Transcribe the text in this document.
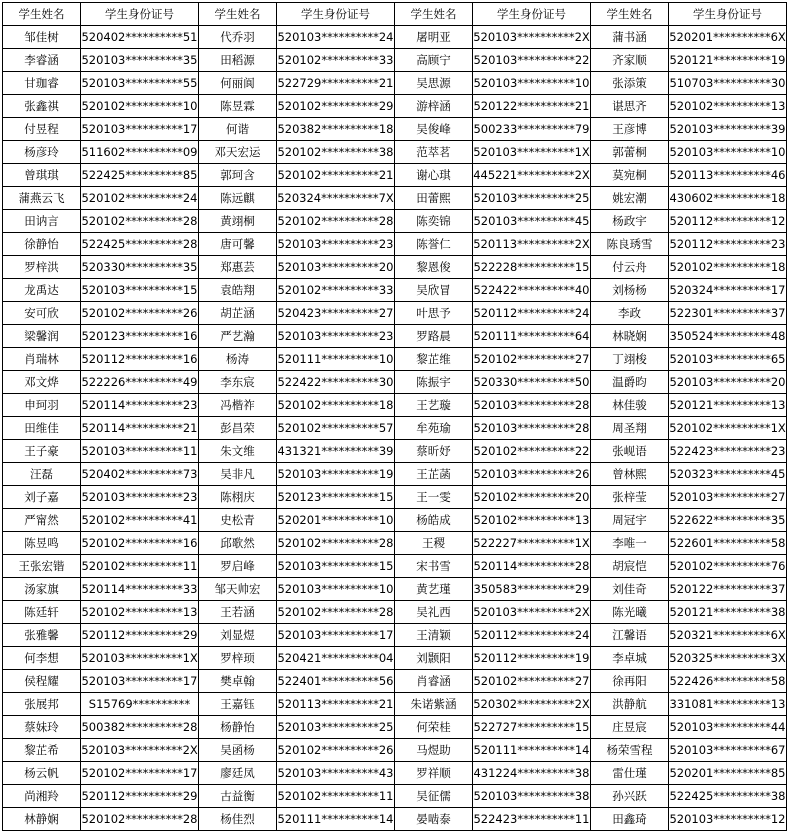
学生姓名	学生身份证号	学生姓名	学生身份证号	学生姓名	学生身份证号	学生姓名	学生身份证号
邹佳树	520402**********51	代乔羽	520103**********24	屠明亚	520103**********2X	蒲书涵	520201**********6X
李睿涵	520103**********35	田稻源	520102**********33	高顾宁	520103**********22	齐家顺	520121**********19
甘珈睿	520103**********55	何丽阆	522729**********21	吴思源	520103**********10	张添策	510703**********30
张鑫祺	520102**********10	陈昱霖	520102**********29	游梓涵	520122**********21	谌思齐	520102**********13
付昱程	520103**********17	何谐	520382**********18	吴俊峰	500233**********79	王彦博	520103**********39
杨彦玲	511602**********09	邓天宏运	520102**********38	范萃茗	520103**********1X	郭蕾桐	520103**********10
曾琪琪	522425**********85	郭珂含	520102**********21	谢心琪	445221**********2X	莫宛桐	520113**********46
蒲燕云飞	520102**********24	陈远麒	520324**********7X	田蕾熙	520103**********25	姚宏潮	430602**********18
田讷言	520102**********28	黄翊桐	520102**********28	陈奕锦	520103**********45	杨政宇	520112**********12
徐静怡	522425**********28	唐可馨	520103**********23	陈誉仁	520113**********2X	陈良琇雪	520112**********23
罗梓洪	520330**********35	郑惠芸	520103**********20	黎恩俊	522228**********15	付云舟	520102**********18
龙禹达	520103**********15	袁皓翔	520102**********33	吴欣冒	522422**********40	刘杨杨	520324**********17
安可欣	520102**********26	胡芷涵	520423**********27	叶思予	520112**********24	李政	522301**********37
梁馨润	520123**********16	严艺瀚	520103**********23	罗路晨	520111**********64	林晓娴	350524**********48
肖瑞林	520112**********16	杨涛	520111**********10	黎芷维	520102**********27	丁翊梭	520103**********65
邓文烨	522226**********49	李东宸	522422**********30	陈振宇	520330**********50	温爵昀	520103**********20
申珂羽	520114**********23	冯楷祚	520102**********18	王艺璇	520103**********28	林佳骏	520121**********13
田维佳	520114**********21	彭昌荣	520102**********57	牟苑瑜	520103**********28	周圣翔	520102**********1X
王子豪	520103**********11	朱文维	431321**********39	蔡昕妤	520102**********22	张岘语	522423**********23
汪磊	520402**********73	吴非凡	520103**********19	王芷菡	520103**********26	曾林熙	520323**********45
刘子嘉	520103**********23	陈栩庆	520123**********15	王一雯	520102**********20	张梓莹	520103**********27
严甯然	520102**********41	史松青	520201**********10	杨皓成	520102**********13	周冠宇	522622**********35
陈昱鸣	520102**********16	邱歌然	520102**********28	王稷	522227**********1X	李唯一	522601**********58
王张宏锴	520102**********11	罗启峰	520103**********15	宋书雪	520114**********28	胡宸恺	520102**********76
汤家旗	520114**********33	邹天帅宏	520103**********10	黄艺瑾	350583**********29	刘佳奇	520122**********37
陈廷轩	520102**********13	王若涵	520102**********28	吴礼西	520103**********2X	陈光曦	520121**********38
张雅馨	520112**********29	刘显煜	520103**********17	王清颖	520112**********24	江馨语	520321**********6X
何李想	520103**********1X	罗梓顼	520421**********04	刘颢阳	520112**********19	李卓城	520325**********3X
侯程耀	520103**********17	樊卓翰	522401**********56	肖睿涵	520102**********27	徐再阳	522426**********58
张展邦	S15769**********	王嘉钰	520113**********21	朱诺紫涵	520302**********2X	洪静航	331081**********13
蔡妹玲	500382**********28	杨静怡	520103**********25	何荣桂	522727**********15	庄昱宸	520103**********44
黎芷希	520103**********2X	吴函杨	520102**********26	马煜助	520111**********14	杨荣雪程	520103**********67
杨云帆	520102**********17	廖廷凤	520103**********43	罗祥顺	431224**********38	雷仕瑾	520201**********85
尚湘羚	520112**********29	古益衡	520102**********11	吴征儒	520103**********38	孙兴跃	522425**********38
林静娴	520102**********28	杨佳烈	520111**********14	晏啮泰	522423**********11	田鑫琦	520103**********12
